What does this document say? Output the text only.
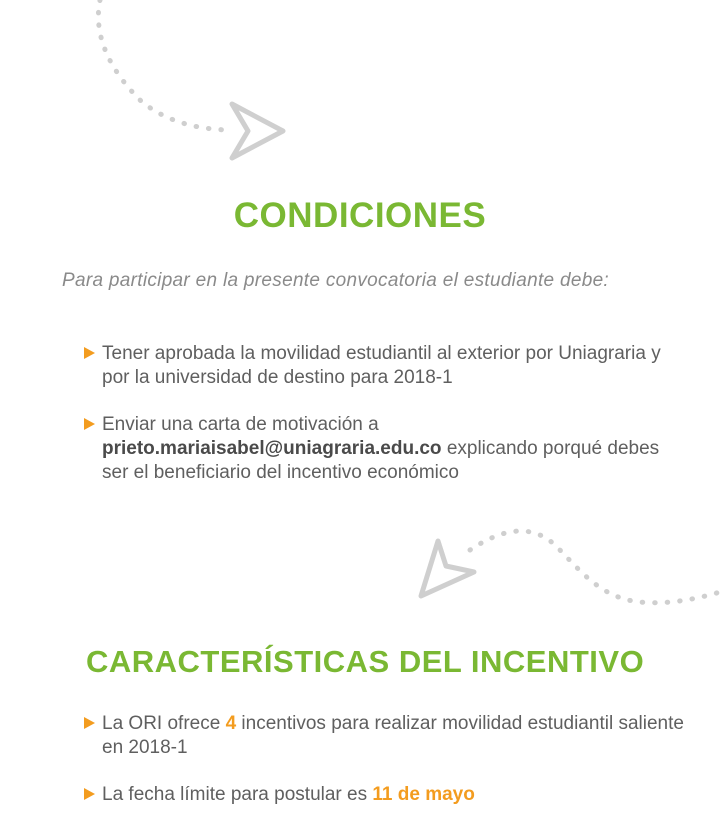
CONDICIONES

Para participar en la presente convocatoria el estudiante debe:

Tener aprobada la movilidad estudiantil al exterior por Uniagraria y por la universidad de destino para 2018-1
Enviar una carta de motivación a
prieto.mariaisabel@uniagraria.edu.co explicando porqué debes ser el beneficiario del incentivo económico
CARACTERÍSTICAS DEL INCENTIVO
La ORI ofrece 4 incentivos para realizar movilidad estudiantil saliente en 2018-1
La fecha límite para postular es 11 de mayo
